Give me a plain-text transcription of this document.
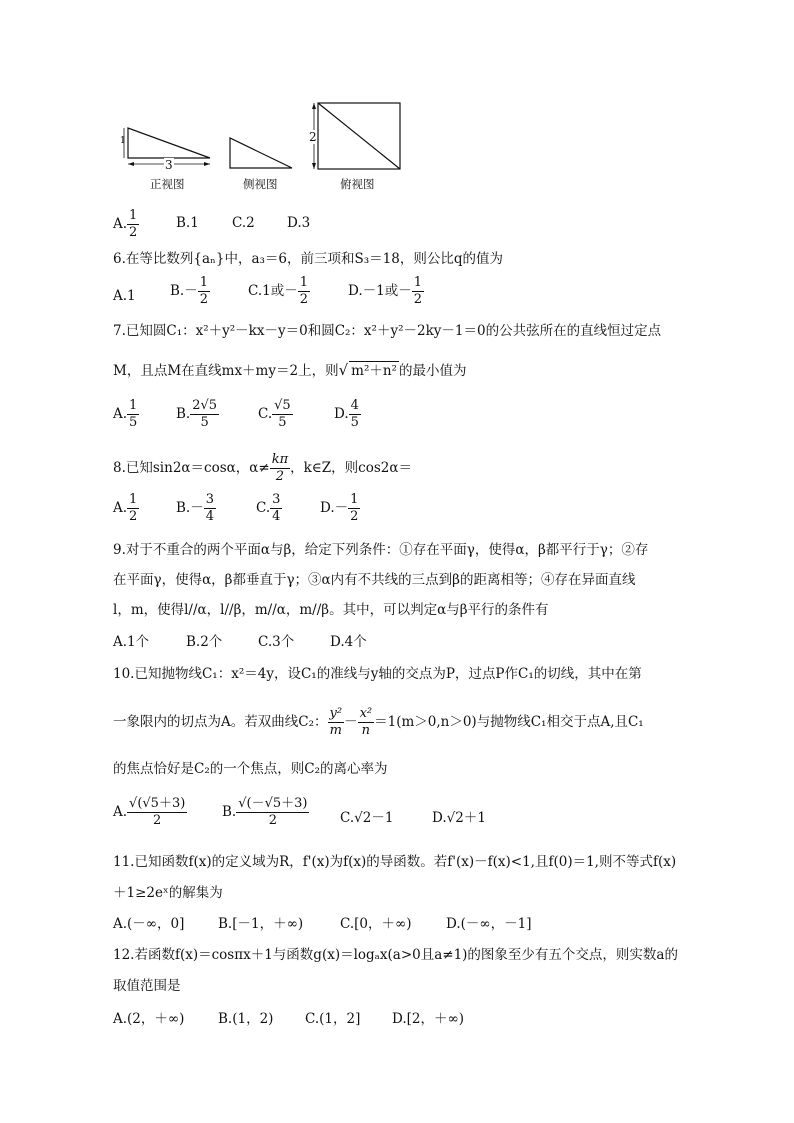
1
3
2
正视图	侧视图	俯视图
A. $\frac{1}{2}$	B.1 C.2 D.3
6.在等比数列{aₙ}中，a₃＝6，前三项和S₃＝18，则公比q的值为
A.1	$B.- \frac{1}{2}$	C.1或－ $\frac{1}{2}$	D.－1或－ $\frac{1}{2}$
7.已知圆C₁：x²＋y²－kx－y＝0和圆C₂：x²＋y²－2ky－1＝0的公共弦所在的直线恒过定点
M，且点M在直线mx＋my＝2上，则√ m²＋n² 的最小值为
A. $\frac{1}{5}$	B. $\frac{2√5}{5}$	C. $\frac{√5}{5}$	D. $\frac{4}{5}$
8.已知sin2α＝cosα，$\alpha\ne \frac{k\pi}{2}$ ，k∈Z，则cos2α＝
A. $\frac{1}{2}$	$B.- \frac{3}{4}$	C. $\frac{3}{4}$	$D.- \frac{1}{2}$
9.对于不重合的两个平面α与β，给定下列条件：①存在平面γ，使得α，β都平行于γ；②存
在平面γ，使得α，β都垂直于γ；③α内有不共线的三点到β的距离相等；④存在异面直线
l，m，使得l//α，l//β，m//α，m//β。其中，可以判定α与β平行的条件有
A.1个	B.2个	C.3个	D.4个
10.已知抛物线C₁：x²＝4y，设C₁的准线与y轴的交点为P，过点P作C₁的切线，其中在第
一象限内的切点为A。若双曲线C₂： $\frac{\text{y²}}{m} - \frac{\text{x²}}{n} =1(m>0,n>0)$与抛物线C₁相交于点A,且C₁
的焦点恰好是C₂的一个焦点，则C₂的离心率为
A. $\frac{√(√5+3)}{2}$	B. $\frac{√(-√5+3)}{2} C.√2-1$	D.√2＋1
11.已知函数f(x)的定义域为R，f'(x)为f(x)的导函数。若f'(x)－f(x)<1,且f(0)＝1,则不等式f(x)
＋1≥2eˣ的解集为
A.(－∞，0] B.[－1，＋∞)	C.[0，＋∞)	D.(－∞，－1]
12.若函数f(x)＝cosπx＋1与函数g(x)＝logₐx(a>0且a≠1)的图象至少有五个交点，则实数a的
取值范围是
A.(2，＋∞) B.(1，2) C.(1，2] D.[2，＋∞)
